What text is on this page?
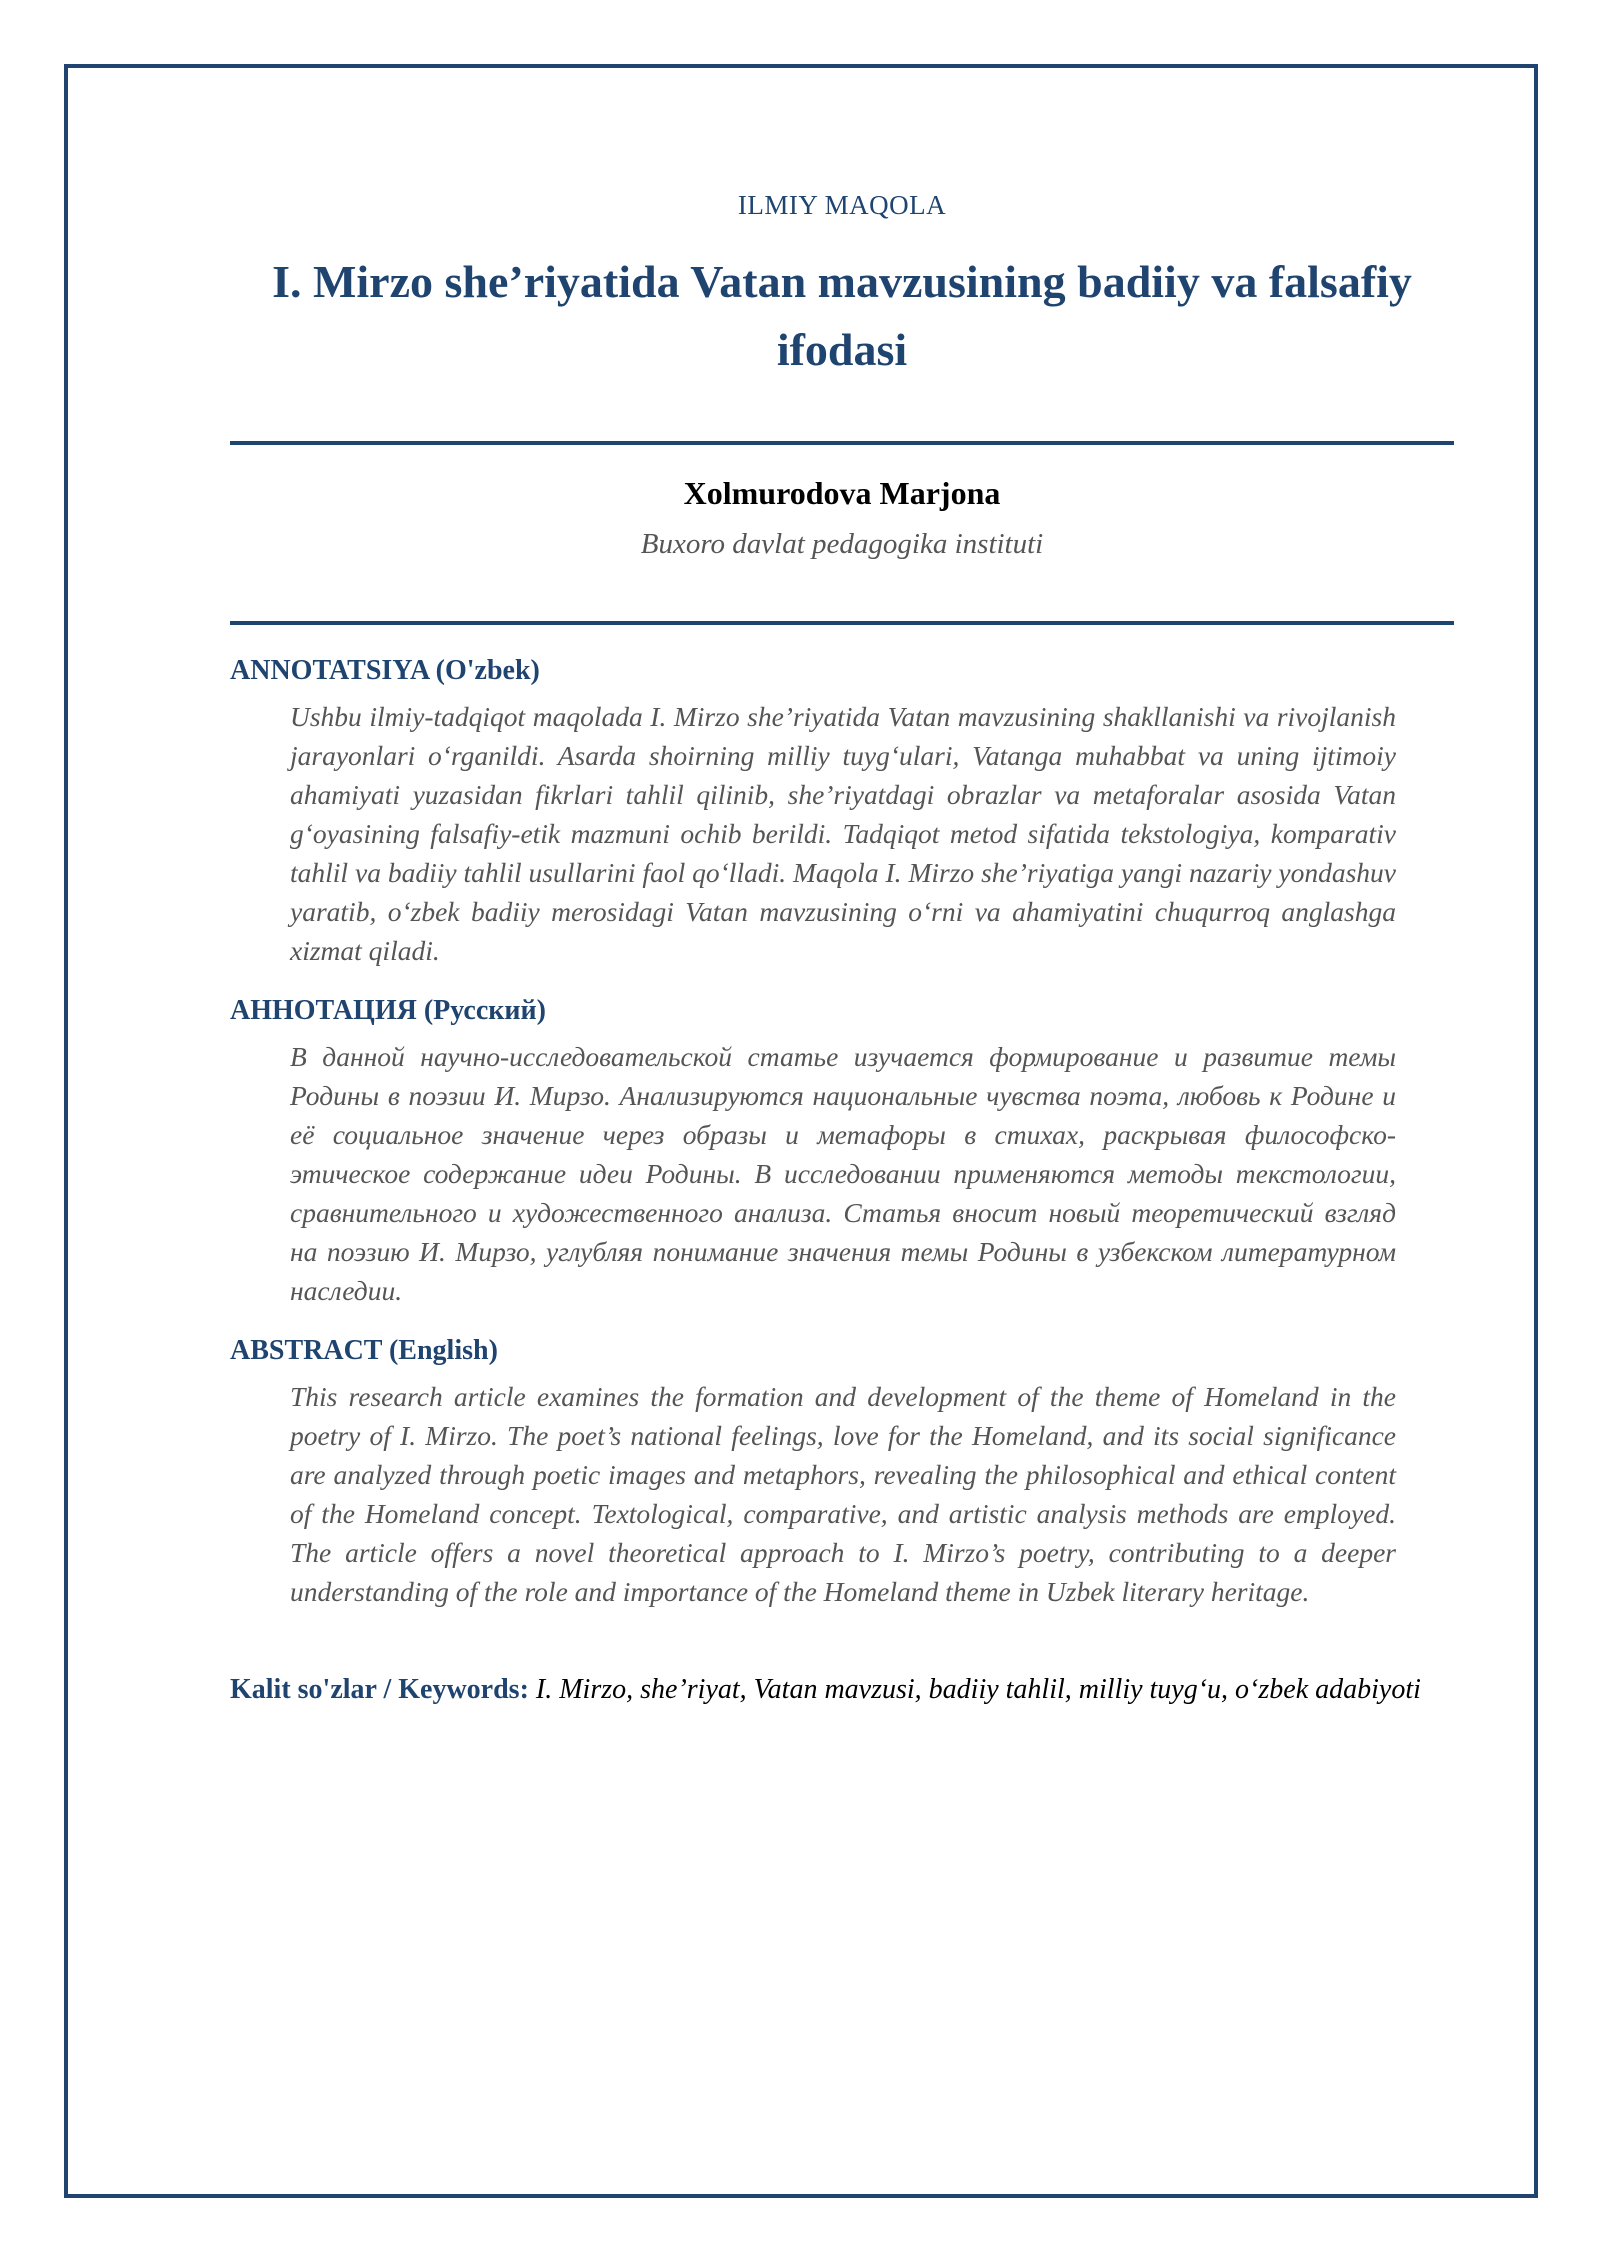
ILMIY MAQOLA
I. Mirzo she’riyatida Vatan mavzusining badiiy va falsafiy ifodasi
Xolmurodova Marjona
Buxoro davlat pedagogika instituti
ANNOTATSIYA (O'zbek)
Ushbu ilmiy-tadqiqot maqolada I. Mirzo she’riyatida Vatan mavzusining shakllanishi va rivojlanish jarayonlari o‘rganildi. Asarda shoirning milliy tuyg‘ulari, Vatanga muhabbat va uning ijtimoiy ahamiyati yuzasidan fikrlari tahlil qilinib, she’riyatdagi obrazlar va metaforalar asosida Vatan g‘oyasining falsafiy-etik mazmuni ochib berildi. Tadqiqot metod sifatida tekstologiya, komparativ tahlil va badiiy tahlil usullarini faol qo‘lladi. Maqola I. Mirzo she’riyatiga yangi nazariy yondashuv yaratib, o‘zbek badiiy merosidagi Vatan mavzusining o‘rni va ahamiyatini chuqurroq anglashga xizmat qiladi.
АННОТАЦИЯ (Русский)
В данной научно-исследовательской статье изучается формирование и развитие темы Родины в поэзии И. Мирзо. Анализируются национальные чувства поэта, любовь к Родине и её социальное значение через образы и метафоры в стихах, раскрывая философско-этическое содержание идеи Родины. В исследовании применяются методы текстологии, сравнительного и художественного анализа. Статья вносит новый теоретический взгляд на поэзию И. Мирзо, углубляя понимание значения темы Родины в узбекском литературном наследии.
ABSTRACT (English)
This research article examines the formation and development of the theme of Homeland in the poetry of I. Mirzo. The poet’s national feelings, love for the Homeland, and its social significance are analyzed through poetic images and metaphors, revealing the philosophical and ethical content of the Homeland concept. Textological, comparative, and artistic analysis methods are employed. The article offers a novel theoretical approach to I. Mirzo’s poetry, contributing to a deeper understanding of the role and importance of the Homeland theme in Uzbek literary heritage.
Kalit so'zlar / Keywords: I. Mirzo, she’riyat, Vatan mavzusi, badiiy tahlil, milliy tuyg‘u, o‘zbek adabiyoti
